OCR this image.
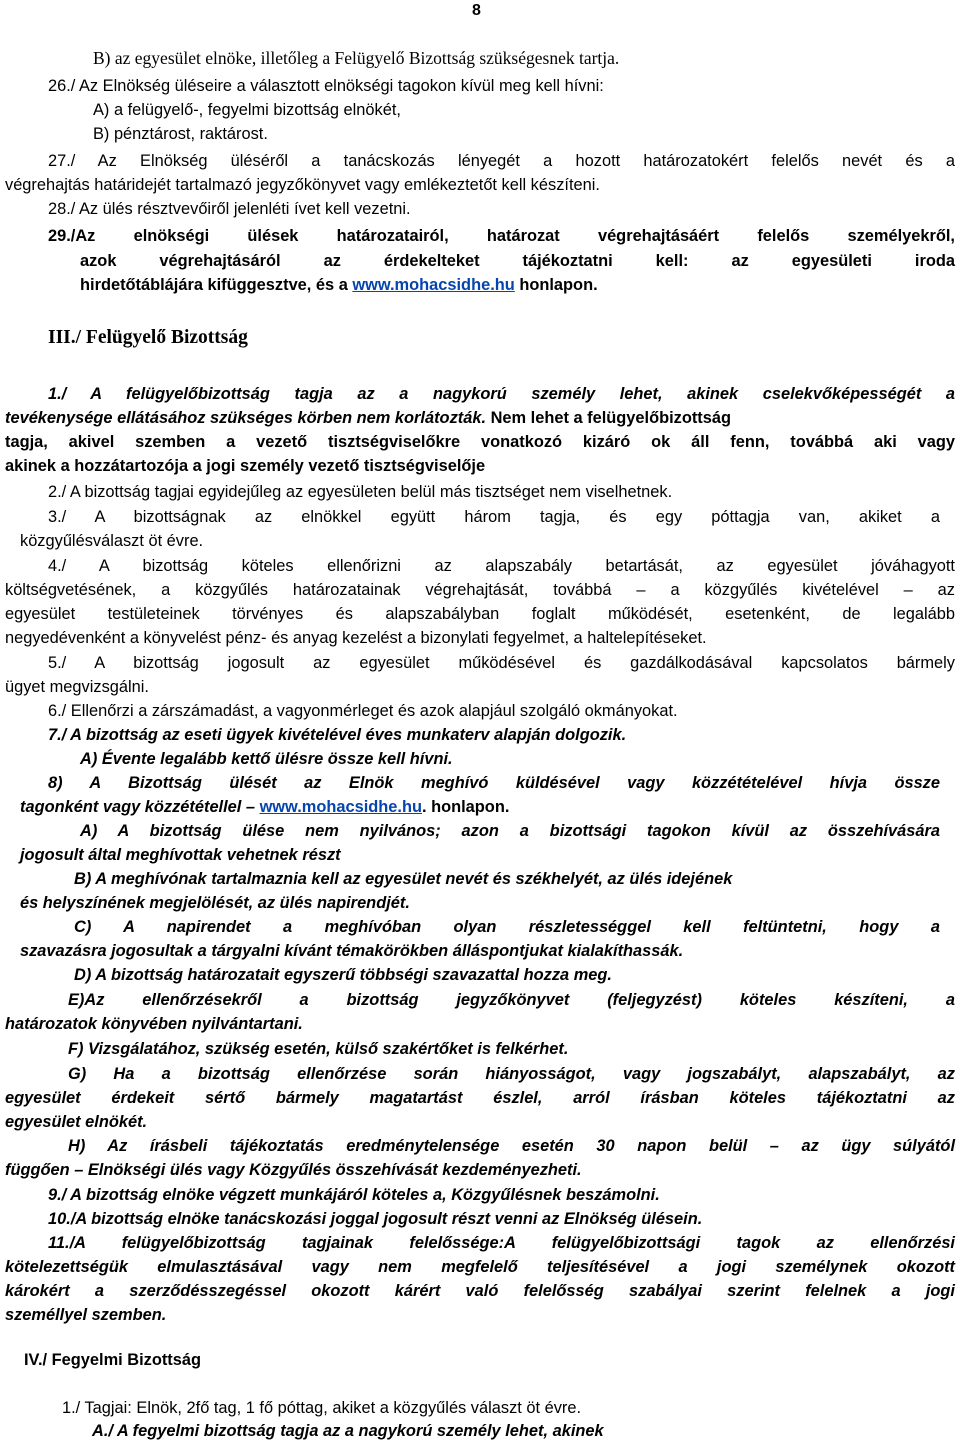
8
B) az egyesület elnöke, illetőleg a Felügyelő Bizottság szükségesnek tartja.
26./ Az Elnökség üléseire a választott elnökségi tagokon kívül meg kell hívni:
A) a felügyelő-, fegyelmi bizottság elnökét,
B) pénztárost, raktárost.
27./ Az Elnökség üléséről a tanácskozás lényegét a hozott határozatokért felelős nevét és a
végrehajtás határidejét tartalmazó jegyzőkönyvet vagy emlékeztetőt kell készíteni.
28./ Az ülés résztvevőiről jelenléti ívet kell vezetni.
29./Az elnökségi ülések határozatairól, határozat végrehajtásáért felelős személyekről,
azok végrehajtásáról az érdekelteket tájékoztatni kell: az egyesületi iroda
hirdetőtáblájára kifüggesztve, és a www.mohacsidhe.hu honlapon.
III./ Felügyelő Bizottság
1./ A felügyelőbizottság tagja az a nagykorú személy lehet, akinek cselekvőképességét a
tevékenysége ellátásához szükséges körben nem korlátozták. Nem lehet a felügyelőbizottság
tagja, akivel szemben a vezető tisztségviselőkre vonatkozó kizáró ok áll fenn, továbbá aki vagy
akinek a hozzátartozója a jogi személy vezető tisztségviselője
2./ A bizottság tagjai egyidejűleg az egyesületen belül más tisztséget nem viselhetnek.
3./ A bizottságnak az elnökkel együtt három tagja, és egy póttagja van, akiket a
közgyűlésválaszt öt évre.
4./ A bizottság köteles ellenőrizni az alapszabály betartását, az egyesület jóváhagyott
költségvetésének, a közgyűlés határozatainak végrehajtását, továbbá – a közgyűlés kivételével – az
egyesület testületeinek törvényes és alapszabályban foglalt működését, esetenként, de legalább
negyedévenként a könyvelést pénz- és anyag kezelést a bizonylati fegyelmet, a haltelepítéseket.
5./ A bizottság jogosult az egyesület működésével és gazdálkodásával kapcsolatos bármely
ügyet megvizsgálni.
6./ Ellenőrzi a zárszámadást, a vagyonmérleget és azok alapjául szolgáló okmányokat.
7./ A bizottság az eseti ügyek kivételével éves munkaterv alapján dolgozik.
A) Évente legalább kettő ülésre össze kell hívni.
8) A Bizottság ülését az Elnök meghívó küldésével vagy közzétételével hívja össze
tagonként vagy közzététellel – www.mohacsidhe.hu. honlapon.
A) A bizottság ülése nem nyilvános; azon a bizottsági tagokon kívül az összehívására
jogosult által meghívottak vehetnek részt
B) A meghívónak tartalmaznia kell az egyesület nevét és székhelyét, az ülés idejének
és helyszínének megjelölését, az ülés napirendjét.
C) A napirendet a meghívóban olyan részletességgel kell feltüntetni, hogy a
szavazásra jogosultak a tárgyalni kívánt témakörökben álláspontjukat kialakíthassák.
D) A bizottság határozatait egyszerű többségi szavazattal hozza meg.
E)Az ellenőrzésekről a bizottság jegyzőkönyvet (feljegyzést) köteles készíteni, a
határozatok könyvében nyilvántartani.
F) Vizsgálatához, szükség esetén, külső szakértőket is felkérhet.
G) Ha a bizottság ellenőrzése során hiányosságot, vagy jogszabályt, alapszabályt, az
egyesület érdekeit sértő bármely magatartást észlel, arról írásban köteles tájékoztatni az
egyesület elnökét.
H) Az írásbeli tájékoztatás eredménytelensége esetén 30 napon belül – az ügy súlyától
függően – Elnökségi ülés vagy Közgyűlés összehívását kezdeményezheti.
9./ A bizottság elnöke végzett munkájáról köteles a, Közgyűlésnek beszámolni.
10./A bizottság elnöke tanácskozási joggal jogosult részt venni az Elnökség ülésein.
11./A felügyelőbizottság tagjainak felelőssége:A felügyelőbizottsági tagok az ellenőrzési
kötelezettségük elmulasztásával vagy nem megfelelő teljesítésével a jogi személynek okozott
károkért a szerződésszegéssel okozott kárért való felelősség szabályai szerint felelnek a jogi
személlyel szemben.
IV./ Fegyelmi Bizottság
1./ Tagjai: Elnök, 2fő tag, 1 fő póttag, akiket a közgyűlés választ öt évre.
A./ A fegyelmi bizottság tagja az a nagykorú személy lehet, akinek
